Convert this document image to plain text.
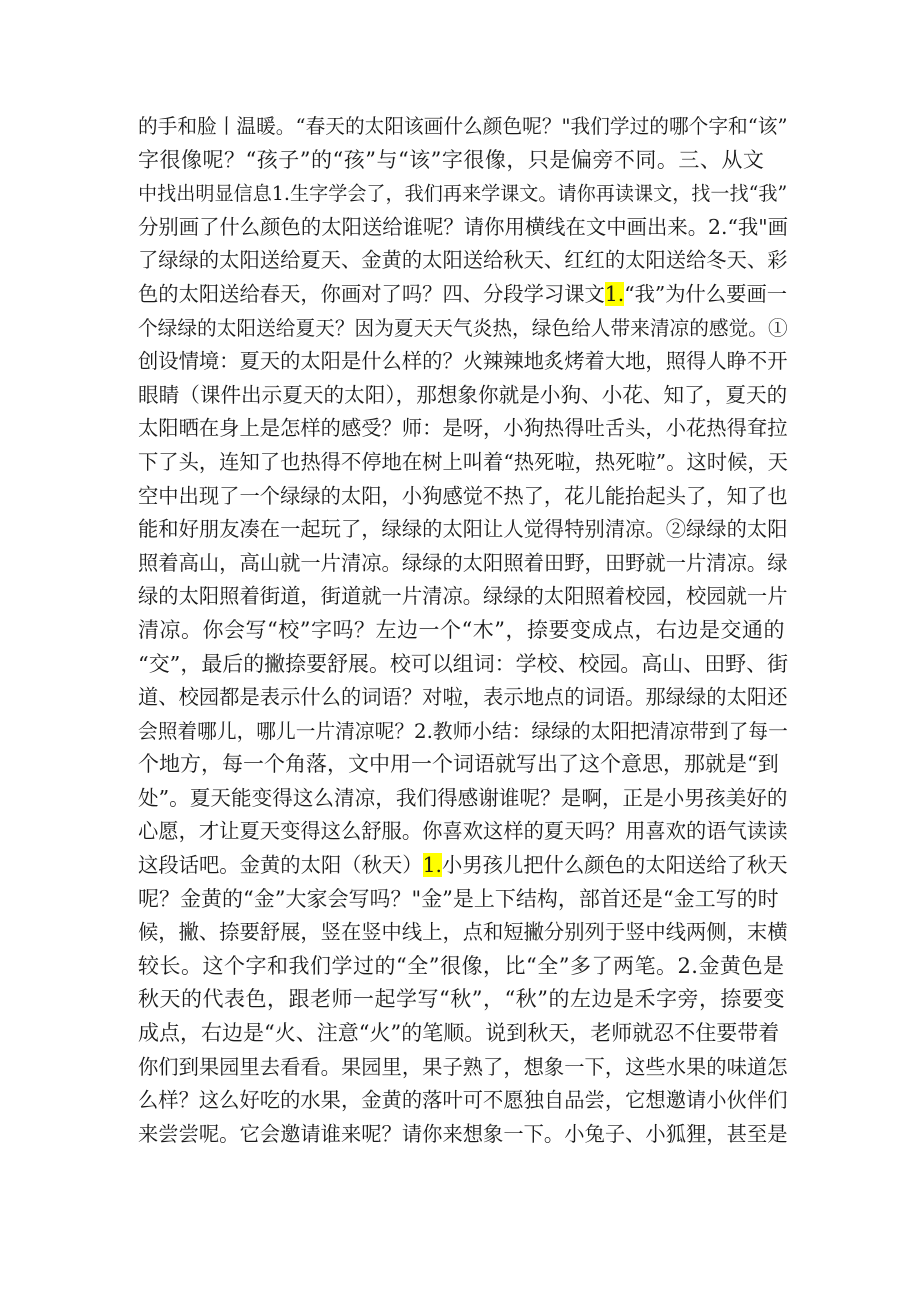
的手和脸丨温暖。“春天的太阳该画什么颜色呢？"我们学过的哪个字和“该”
字很像呢？“孩子”的“孩”与“该”字很像，只是偏旁不同。三、从文
中找出明显信息1.生字学会了，我们再来学课文。请你再读课文，找一找“我”
分别画了什么颜色的太阳送给谁呢？请你用横线在文中画出来。2.“我"画
了绿绿的太阳送给夏天、金黄的太阳送给秋天、红红的太阳送给冬天、彩
色的太阳送给春天，你画对了吗？四、分段学习课文1.“我”为什么要画一
个绿绿的太阳送给夏天？因为夏天天气炎热，绿色给人带来清凉的感觉。①
创设情境：夏天的太阳是什么样的？火辣辣地炙烤着大地，照得人睁不开
眼睛（课件出示夏天的太阳），那想象你就是小狗、小花、知了，夏天的
太阳晒在身上是怎样的感受？师：是呀，小狗热得吐舌头，小花热得耷拉
下了头，连知了也热得不停地在树上叫着“热死啦，热死啦”。这时候，天
空中出现了一个绿绿的太阳，小狗感觉不热了，花儿能抬起头了，知了也
能和好朋友凑在一起玩了，绿绿的太阳让人觉得特别清凉。②绿绿的太阳
照着高山，高山就一片清凉。绿绿的太阳照着田野，田野就一片清凉。绿
绿的太阳照着街道，街道就一片清凉。绿绿的太阳照着校园，校园就一片
清凉。你会写“校”字吗？左边一个“木”，捺要变成点，右边是交通的
“交”，最后的撇捺要舒展。校可以组词：学校、校园。高山、田野、街
道、校园都是表示什么的词语？对啦，表示地点的词语。那绿绿的太阳还
会照着哪儿，哪儿一片清凉呢？2.教师小结：绿绿的太阳把清凉带到了每一
个地方，每一个角落，文中用一个词语就写出了这个意思，那就是“到
处”。夏天能变得这么清凉，我们得感谢谁呢？是啊，正是小男孩美好的
心愿，才让夏天变得这么舒服。你喜欢这样的夏天吗？用喜欢的语气读读
这段话吧。金黄的太阳（秋天）1.小男孩儿把什么颜色的太阳送给了秋天
呢？金黄的“金”大家会写吗？"金”是上下结构，部首还是“金工写的时
候，撇、捺要舒展，竖在竖中线上，点和短撇分别列于竖中线两侧，末横
较长。这个字和我们学过的“全”很像，比“全”多了两笔。2.金黄色是
秋天的代表色，跟老师一起学写“秋”，“秋”的左边是禾字旁，捺要变
成点，右边是“火、注意“火”的笔顺。说到秋天，老师就忍不住要带着
你们到果园里去看看。果园里，果子熟了，想象一下，这些水果的味道怎
么样？这么好吃的水果，金黄的落叶可不愿独自品尝，它想邀请小伙伴们
来尝尝呢。它会邀请谁来呢？请你来想象一下。小兔子、小狐狸，甚至是
